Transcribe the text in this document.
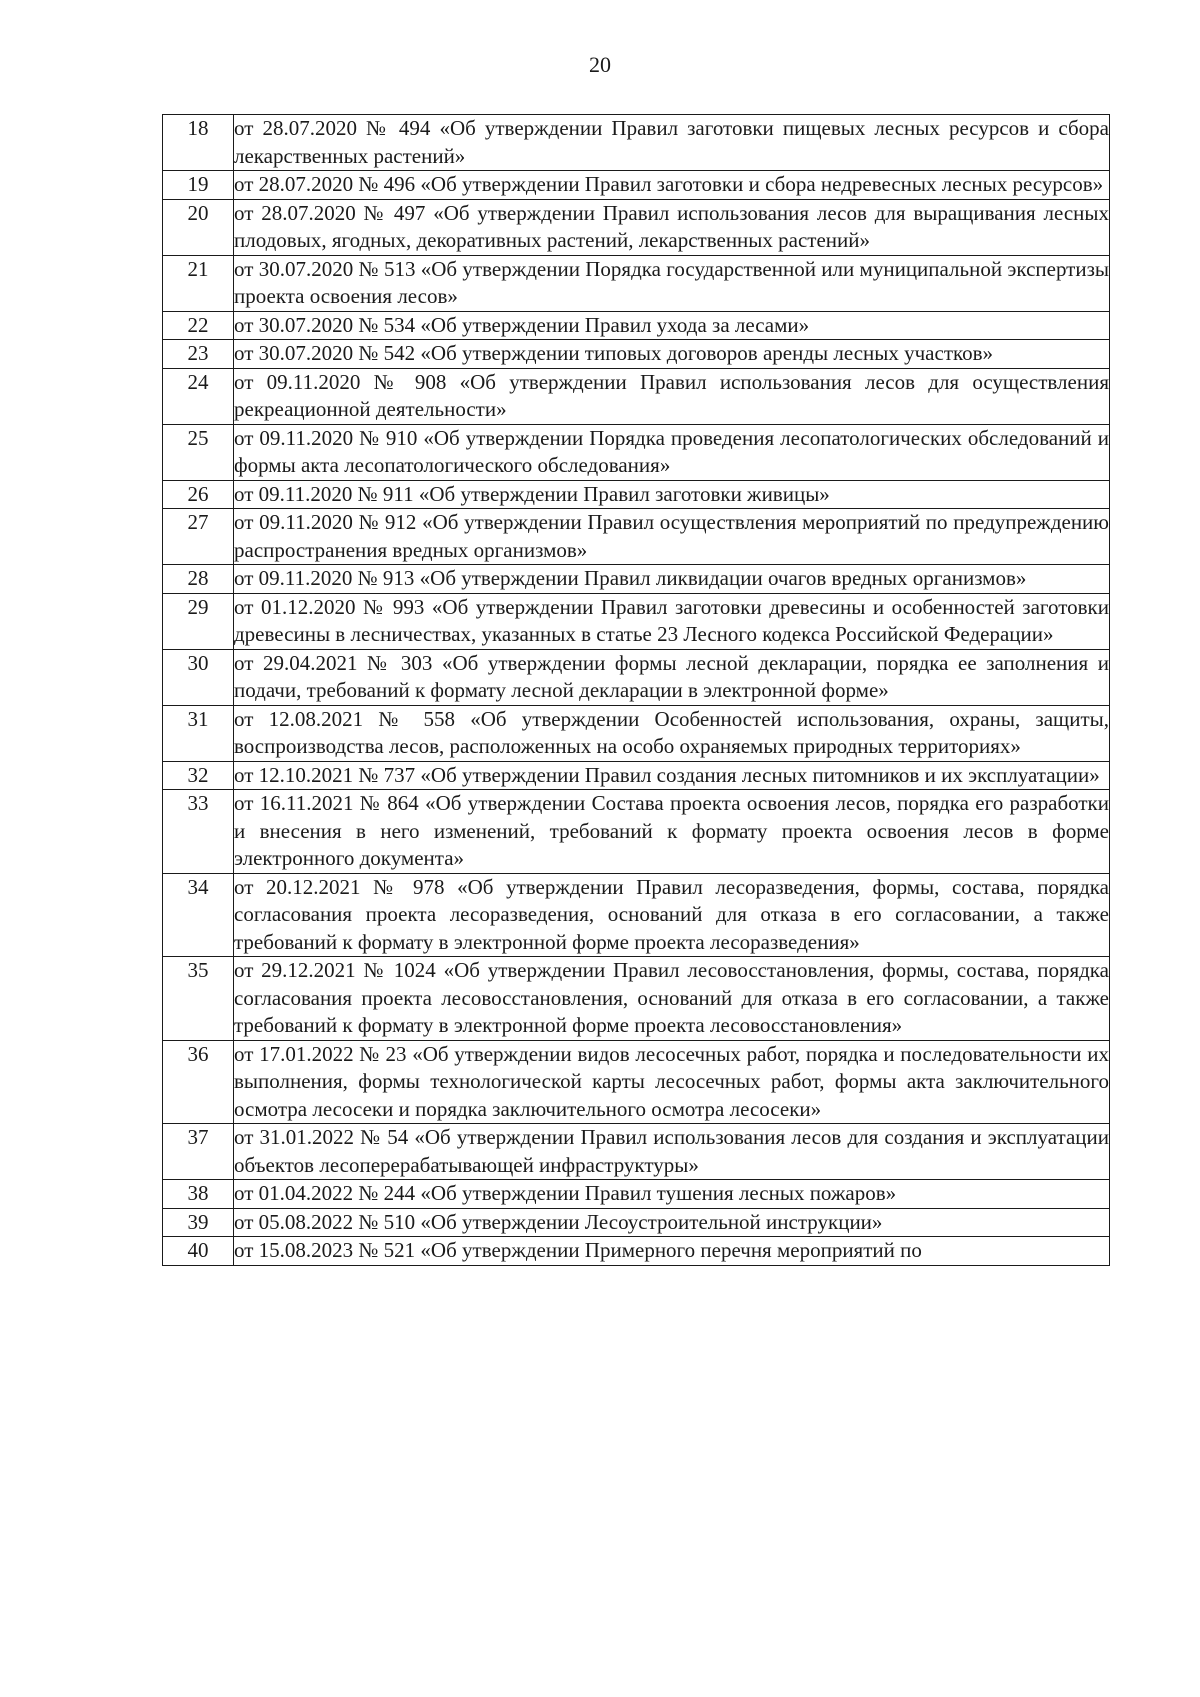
20
18	от 28.07.2020 № 494 «Об утверждении Правил заготовки пищевых лесных ресурсов и сбора лекарственных растений»
19	от 28.07.2020 № 496 «Об утверждении Правил заготовки и сбора недревесных лесных ресурсов»
20	от 28.07.2020 № 497 «Об утверждении Правил использования лесов для выращивания лесных плодовых, ягодных, декоративных растений, лекарственных растений»
21	от 30.07.2020 № 513 «Об утверждении Порядка государственной или муниципальной экспертизы проекта освоения лесов»
22	от 30.07.2020 № 534 «Об утверждении Правил ухода за лесами»
23	от 30.07.2020 № 542 «Об утверждении типовых договоров аренды лесных участков»
24	от 09.11.2020 № 908 «Об утверждении Правил использования лесов для осуществления рекреационной деятельности»
25	от 09.11.2020 № 910 «Об утверждении Порядка проведения лесопатологических обследований и формы акта лесопатологического обследования»
26	от 09.11.2020 № 911 «Об утверждении Правил заготовки живицы»
27	от 09.11.2020 № 912 «Об утверждении Правил осуществления мероприятий по предупреждению распространения вредных организмов»
28	от 09.11.2020 № 913 «Об утверждении Правил ликвидации очагов вредных организмов»
29	от 01.12.2020 № 993 «Об утверждении Правил заготовки древесины и особенностей заготовки древесины в лесничествах, указанных в статье 23 Лесного кодекса Российской Федерации»
30	от 29.04.2021 № 303 «Об утверждении формы лесной декларации, порядка ее заполнения и подачи, требований к формату лесной декларации в электронной форме»
31	от 12.08.2021 № 558 «Об утверждении Особенностей использования, охраны, защиты, воспроизводства лесов, расположенных на особо охраняемых природных территориях»
32	от 12.10.2021 № 737 «Об утверждении Правил создания лесных питомников и их эксплуатации»
33	от 16.11.2021 № 864 «Об утверждении Состава проекта освоения лесов, порядка его разработки и внесения в него изменений, требований к формату проекта освоения лесов в форме электронного документа»
34	от 20.12.2021 № 978 «Об утверждении Правил лесоразведения, формы, состава, порядка согласования проекта лесоразведения, оснований для отказа в его согласовании, а также требований к формату в электронной форме проекта лесоразведения»
35	от 29.12.2021 № 1024 «Об утверждении Правил лесовосстановления, формы, состава, порядка согласования проекта лесовосстановления, оснований для отказа в его согласовании, а также требований к формату в электронной форме проекта лесовосстановления»
36	от 17.01.2022 № 23 «Об утверждении видов лесосечных работ, порядка и последовательности их выполнения, формы технологической карты лесосечных работ, формы акта заключительного осмотра лесосеки и порядка заключительного осмотра лесосеки»
37	от 31.01.2022 № 54 «Об утверждении Правил использования лесов для создания и эксплуатации объектов лесоперерабатывающей инфраструктуры»
38	от 01.04.2022 № 244 «Об утверждении Правил тушения лесных пожаров»
39	от 05.08.2022 № 510 «Об утверждении Лесоустроительной инструкции»
40	от 15.08.2023 № 521 «Об утверждении Примерного перечня мероприятий по
